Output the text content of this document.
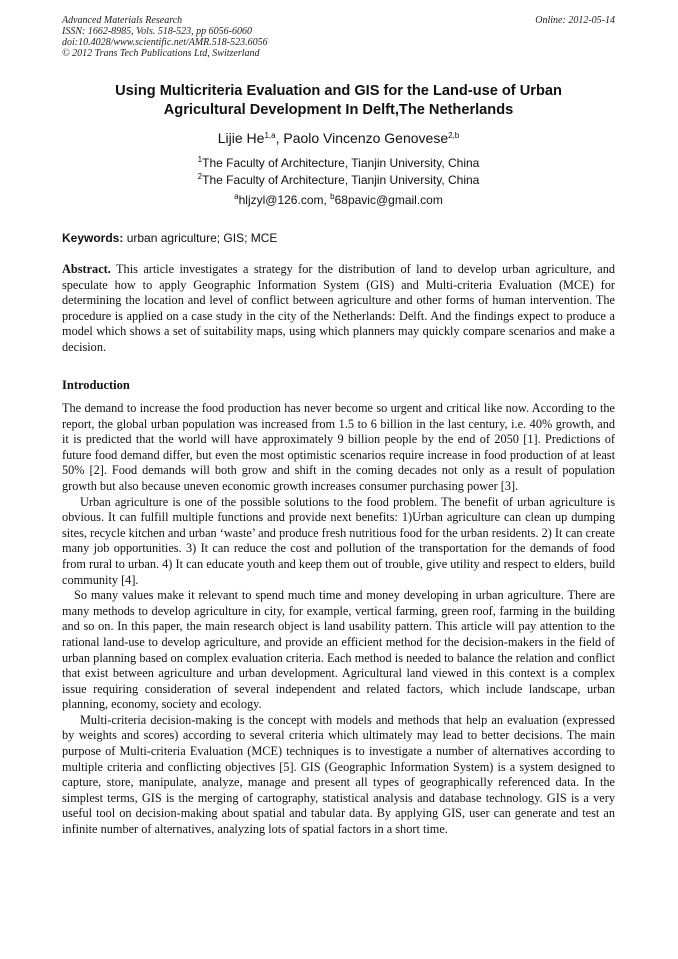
Advanced Materials Research
ISSN: 1662-8985, Vols. 518-523, pp 6056-6060
doi:10.4028/www.scientific.net/AMR.518-523.6056
© 2012 Trans Tech Publications Ltd, Switzerland
Online: 2012-05-14
Using Multicriteria Evaluation and GIS for the Land-use of Urban
Agricultural Development In Delft,The Netherlands
Lijie He$^{1,a}$, Paolo Vincenzo Genovese$^{2,b}$
$^1$The Faculty of Architecture, Tianjin University, China
$^2$The Faculty of Architecture, Tianjin University, China
$^a$hljzyl@126.com, $^b$68pavic@gmail.com
Keywords: urban agriculture; GIS; MCE

Abstract. This article investigates a strategy for the distribution of land to develop urban agriculture, and speculate how to apply Geographic Information System (GIS) and Multi-criteria Evaluation (MCE) for determining the location and level of conflict between agriculture and other forms of human intervention. The procedure is applied on a case study in the city of the Netherlands: Delft. And the findings expect to produce a model which shows a set of suitability maps, using which planners may quickly compare scenarios and make a decision.

Introduction

The demand to increase the food production has never become so urgent and critical like now. According to the report, the global urban population was increased from 1.5 to 6 billion in the last century, i.e. 40% growth, and it is predicted that the world will have approximately 9 billion people by the end of 2050 [1]. Predictions of future food demand differ, but even the most optimistic scenarios require increase in food production of at least 50% [2]. Food demands will both grow and shift in the coming decades not only as a result of population growth but also because uneven economic growth increases consumer purchasing power [3].

Urban agriculture is one of the possible solutions to the food problem. The benefit of urban agriculture is obvious. It can fulfill multiple functions and provide next benefits: 1)Urban agriculture can clean up dumping sites, recycle kitchen and urban ‘waste’ and produce fresh nutritious food for the urban residents. 2) It can create many job opportunities. 3) It can reduce the cost and pollution of the transportation for the demands of food from rural to urban. 4) It can educate youth and keep them out of trouble, give utility and respect to elders, build community [4].

So many values make it relevant to spend much time and money developing in urban agriculture. There are many methods to develop agriculture in city, for example, vertical farming, green roof, farming in the building and so on. In this paper, the main research object is land usability pattern. This article will pay attention to the rational land-use to develop agriculture, and provide an efficient method for the decision-makers in the field of urban planning based on complex evaluation criteria. Each method is needed to balance the relation and conflict that exist between agriculture and urban development. Agricultural land viewed in this context is a complex issue requiring consideration of several independent and related factors, which include landscape, urban planning, economy, society and ecology.

Multi-criteria decision-making is the concept with models and methods that help an evaluation (expressed by weights and scores) according to several criteria which ultimately may lead to better decisions. The main purpose of Multi-criteria Evaluation (MCE) techniques is to investigate a number of alternatives according to multiple criteria and conflicting objectives [5]. GIS (Geographic Information System) is a system designed to capture, store, manipulate, analyze, manage and present all types of geographically referenced data. In the simplest terms, GIS is the merging of cartography, statistical analysis and database technology. GIS is a very useful tool on decision-making about spatial and tabular data. By applying GIS, user can generate and test an infinite number of alternatives, analyzing lots of spatial factors in a short time.
